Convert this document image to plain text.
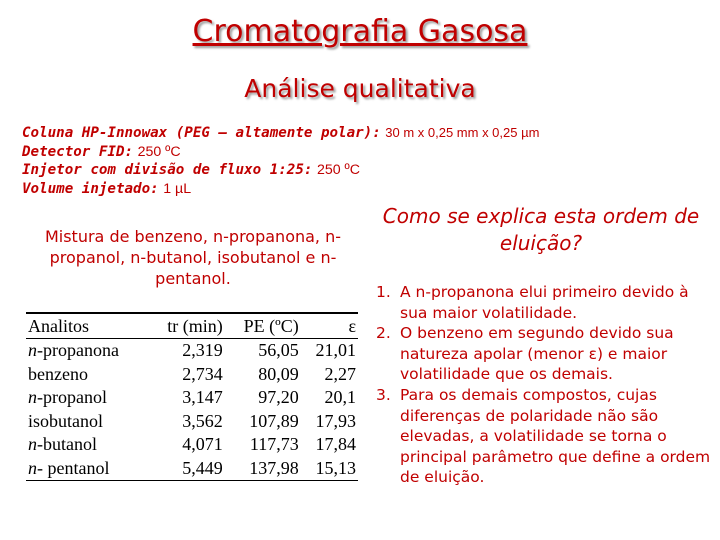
Cromatografia Gasosa
Análise qualitativa
Coluna HP-Innowax (PEG – altamente polar): 30 m x 0,25 mm x 0,25 µm
Detector FID: 250 ºC
Injetor com divisão de fluxo 1:25: 250 ºC
Volume injetado: 1 µL
Mistura de benzeno, n-propanona, n-propanol, n-butanol, isobutanol e n-pentanol.
Analitos	tr (min)	PE (ºC)	ε
n-propanona	2,319	56,05	21,01
benzeno	2,734	80,09	2,27
n-propanol	3,147	97,20	20,1
isobutanol	3,562	107,89	17,93
n-butanol	4,071	117,73	17,84
n- pentanol	5,449	137,98	15,13
Como se explica esta ordem de eluição?
1. A n-propanona elui primeiro devido à sua maior volatilidade.
2. O benzeno em segundo devido sua natureza apolar (menor ε) e maior volatilidade que os demais.
3. Para os demais compostos, cujas diferenças de polaridade não são elevadas, a volatilidade se torna o principal parâmetro que define a ordem de eluição.
